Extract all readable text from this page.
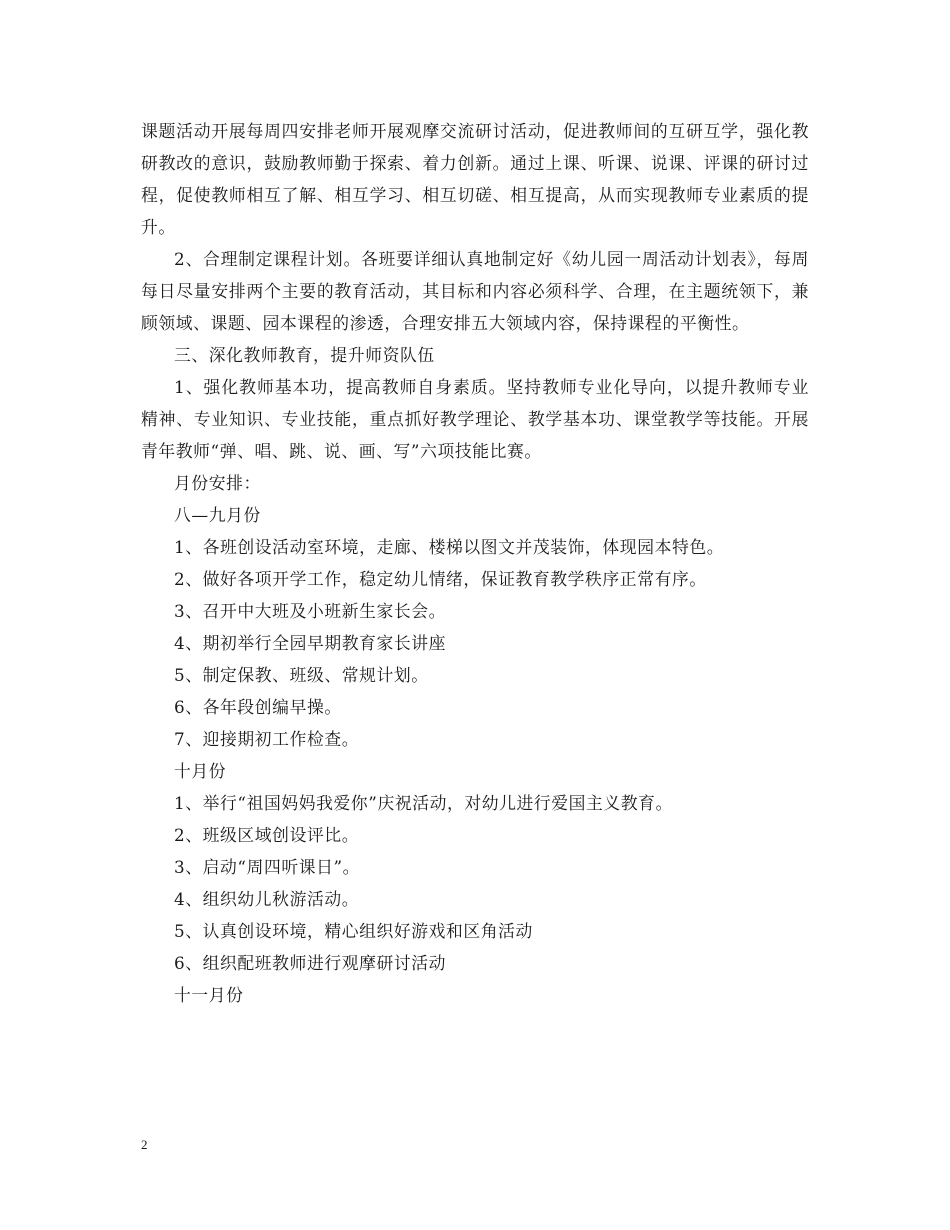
课题活动开展每周四安排老师开展观摩交流研讨活动，促进教师间的互研互学，强化教研教改的意识，鼓励教师勤于探索、着力创新。通过上课、听课、说课、评课的研讨过程，促使教师相互了解、相互学习、相互切磋、相互提高，从而实现教师专业素质的提升。

2、合理制定课程计划。各班要详细认真地制定好《幼儿园一周活动计划表》，每周每日尽量安排两个主要的教育活动，其目标和内容必须科学、合理，在主题统领下，兼顾领域、课题、园本课程的渗透，合理安排五大领域内容，保持课程的平衡性。

三、深化教师教育，提升师资队伍

1、强化教师基本功，提高教师自身素质。坚持教师专业化导向，以提升教师专业精神、专业知识、专业技能，重点抓好教学理论、教学基本功、课堂教学等技能。开展青年教师“弹、唱、跳、说、画、写”六项技能比赛。

月份安排：

八—九月份

1、各班创设活动室环境，走廊、楼梯以图文并茂装饰，体现园本特色。

2、做好各项开学工作，稳定幼儿情绪，保证教育教学秩序正常有序。

3、召开中大班及小班新生家长会。

4、期初举行全园早期教育家长讲座

5、制定保教、班级、常规计划。

6、各年段创编早操。

7、迎接期初工作检查。

十月份

1、举行“祖国妈妈我爱你”庆祝活动，对幼儿进行爱国主义教育。

2、班级区域创设评比。

3、启动“周四听课日”。

4、组织幼儿秋游活动。

5、认真创设环境，精心组织好游戏和区角活动

6、组织配班教师进行观摩研讨活动

十一月份

2
